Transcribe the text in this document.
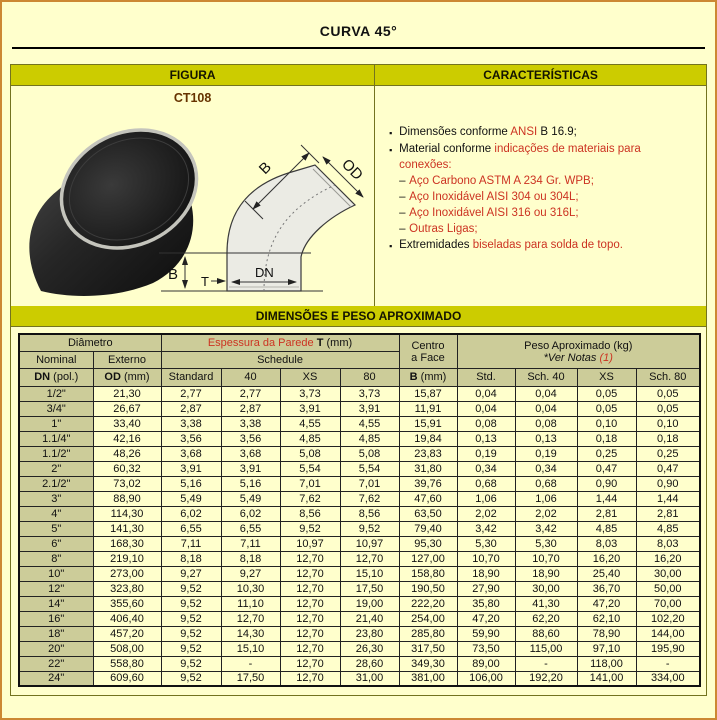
CURVA 45°
FIGURA	CARACTERÍSTICAS
CT108
B T
DN
B	OD
▪ Dimensões conforme ANSI B 16.9;
▪ Material conforme indicações de materiais para conexões:
– Aço Carbono ASTM A 234 Gr. WPB;
– Aço Inoxidável AISI 304 ou 304L;
– Aço Inoxidável AISI 316 ou 316L;
– Outras Ligas;
▪ Extremidades biseladas para solda de topo.
DIMENSÕES E PESO APROXIMADO
Diâmetro		Espessura da Parede T (mm)				Centro
a Face	Peso Aproximado (kg)
*Ver Notas (1)			
Nominal	Externo	Schedule								
DN (pol.)	OD (mm)	Standard	40	XS	80	B (mm)	Std.	Sch. 40	XS	Sch. 80
1/2"	21,30	2,77	2,77	3,73	3,73	15,87	0,04	0,04	0,05	0,05
3/4"	26,67	2,87	2,87	3,91	3,91	11,91	0,04	0,04	0,05	0,05
1"	33,40	3,38	3,38	4,55	4,55	15,91	0,08	0,08	0,10	0,10
1.1/4"	42,16	3,56	3,56	4,85	4,85	19,84	0,13	0,13	0,18	0,18
1.1/2"	48,26	3,68	3,68	5,08	5,08	23,83	0,19	0,19	0,25	0,25
2"	60,32	3,91	3,91	5,54	5,54	31,80	0,34	0,34	0,47	0,47
2.1/2"	73,02	5,16	5,16	7,01	7,01	39,76	0,68	0,68	0,90	0,90
3"	88,90	5,49	5,49	7,62	7,62	47,60	1,06	1,06	1,44	1,44
4"	114,30	6,02	6,02	8,56	8,56	63,50	2,02	2,02	2,81	2,81
5"	141,30	6,55	6,55	9,52	9,52	79,40	3,42	3,42	4,85	4,85
6"	168,30	7,11	7,11	10,97	10,97	95,30	5,30	5,30	8,03	8,03
8"	219,10	8,18	8,18	12,70	12,70	127,00	10,70	10,70	16,20	16,20
10"	273,00	9,27	9,27	12,70	15,10	158,80	18,90	18,90	25,40	30,00
12"	323,80	9,52	10,30	12,70	17,50	190,50	27,90	30,00	36,70	50,00
14"	355,60	9,52	11,10	12,70	19,00	222,20	35,80	41,30	47,20	70,00
16"	406,40	9,52	12,70	12,70	21,40	254,00	47,20	62,20	62,10	102,20
18"	457,20	9,52	14,30	12,70	23,80	285,80	59,90	88,60	78,90	144,00
20"	508,00	9,52	15,10	12,70	26,30	317,50	73,50	115,00	97,10	195,90
22"	558,80	9,52	-	12,70	28,60	349,30	89,00	-	118,00	-
24"	609,60	9,52	17,50	12,70	31,00	381,00	106,00	192,20	141,00	334,00
